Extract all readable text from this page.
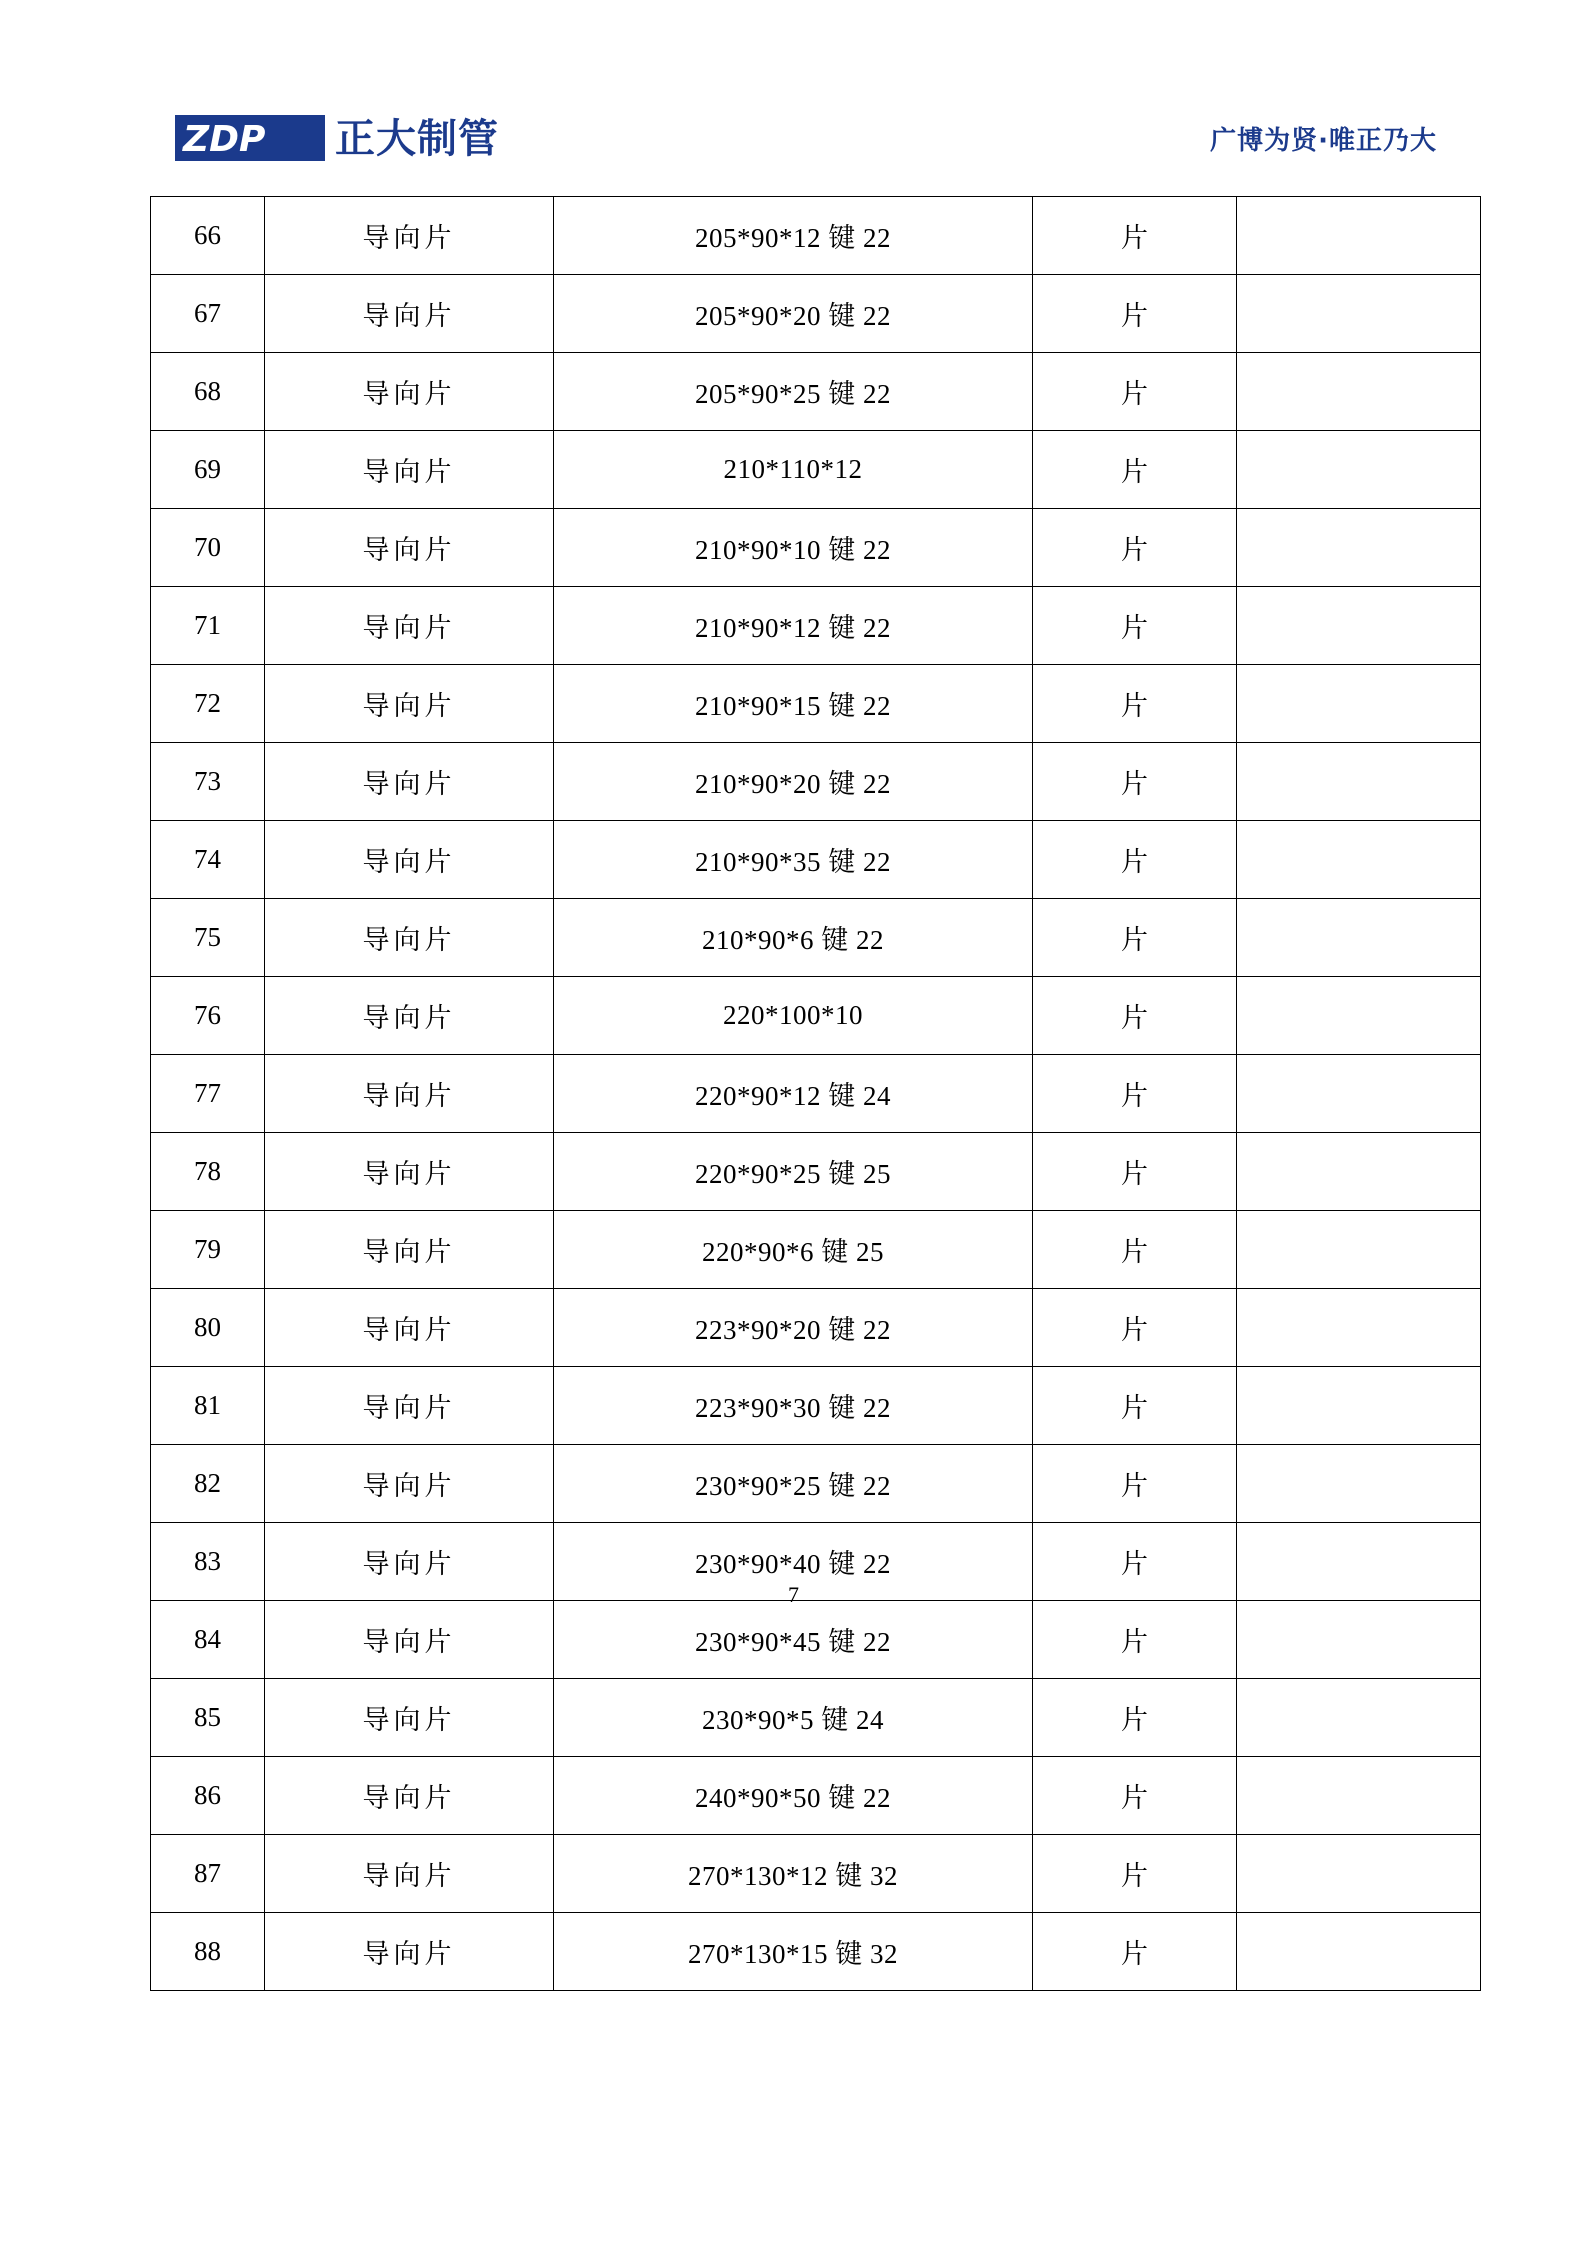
ZDP 正大制管	广博为贤·唯正乃大
66	导向片	205*90*12 键 22	片	
67	导向片	205*90*20 键 22	片	
68	导向片	205*90*25 键 22	片	
69	导向片	210*110*12	片	
70	导向片	210*90*10 键 22	片	
71	导向片	210*90*12 键 22	片	
72	导向片	210*90*15 键 22	片	
73	导向片	210*90*20 键 22	片	
74	导向片	210*90*35 键 22	片	
75	导向片	210*90*6 键 22	片	
76	导向片	220*100*10	片	
77	导向片	220*90*12 键 24	片	
78	导向片	220*90*25 键 25	片	
79	导向片	220*90*6 键 25	片	
80	导向片	223*90*20 键 22	片	
81	导向片	223*90*30 键 22	片	
82	导向片	230*90*25 键 22	片	
83	导向片	230*90*40 键 22	片	
84	导向片	230*90*45 键 22	片	
85	导向片	230*90*5 键 24	片	
86	导向片	240*90*50 键 22	片	
87	导向片	270*130*12 键 32	片	
88	导向片	270*130*15 键 32	片	
7
